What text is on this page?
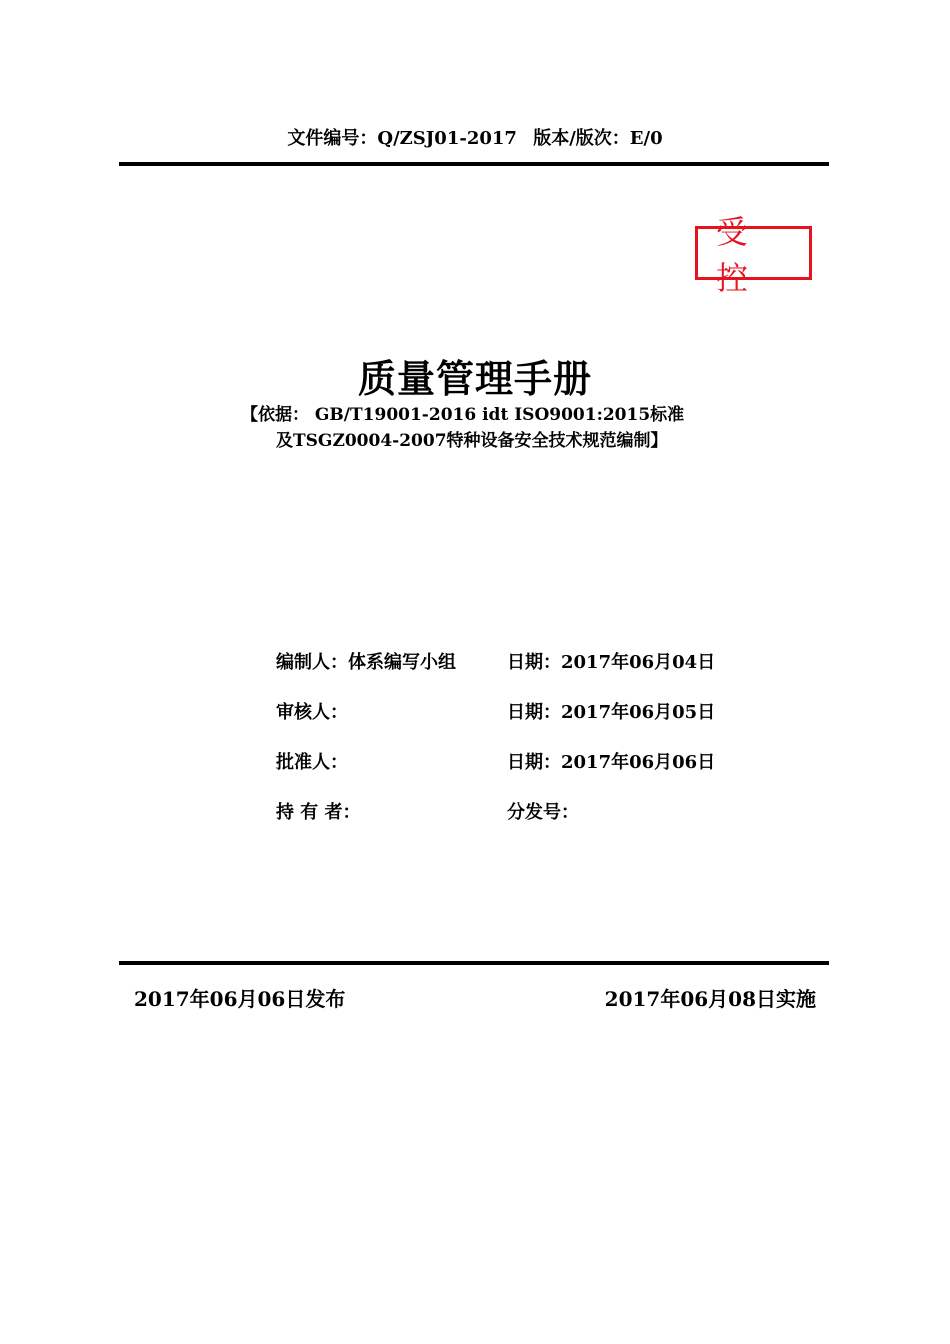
文件编号：Q/ZSJ01-2017 版本/版次：E/0
受控
质量管理手册
【依据： GB/T19001-2016 idt ISO9001:2015标准
及TSGZ0004-2007特种设备安全技术规范编制】
编制人：体系编写小组	日期：2017年06月04日
审核人：	日期：2017年06月05日
批准人：	日期：2017年06月06日
持 有 者：	分发号：
2017年06月06日发布	2017年06月08日实施
